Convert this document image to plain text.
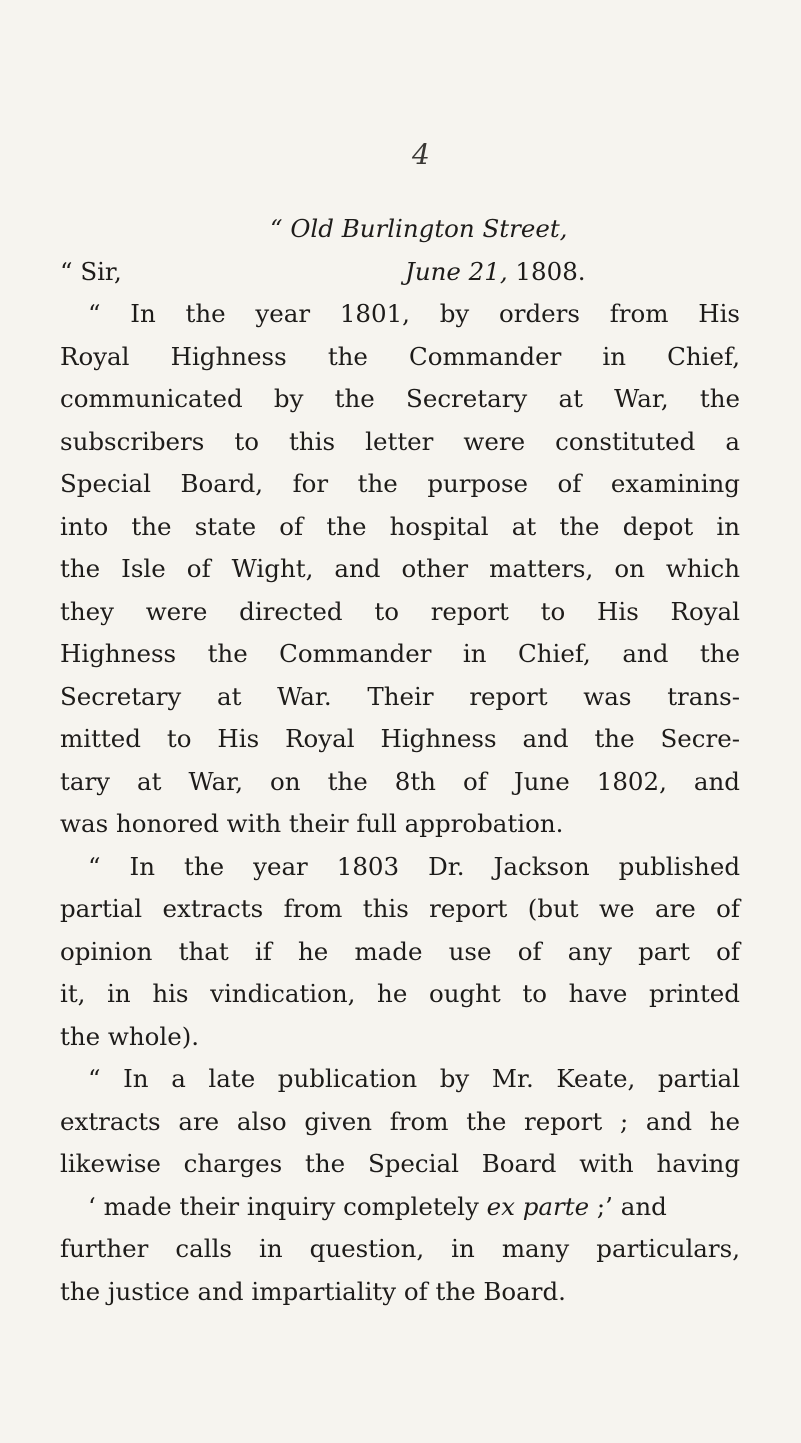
4
“ Old Burlington Street,
“ Sir,	June 21, 1808.
“ In the year 1801, by orders from His
Royal Highness the Commander in Chief,
communicated by the Secretary at War, the
subscribers to this letter were constituted a
Special Board, for the purpose of examining
into the state of the hospital at the depot in
the Isle of Wight, and other matters, on which
they were directed to report to His Royal
Highness the Commander in Chief, and the
Secretary at War. Their report was trans-
mitted to His Royal Highness and the Secre-
tary at War, on the 8th of June 1802, and
was honored with their full approbation.
“ In the year 1803 Dr. Jackson published
partial extracts from this report (but we are of
opinion that if he made use of any part of
it, in his vindication, he ought to have printed
the whole).
“ In a late publication by Mr. Keate, partial
extracts are also given from the report ; and he
likewise charges the Special Board with having
‘ made their inquiry completely ex parte ;’ and
further calls in question, in many particulars,
the justice and impartiality of the Board.
